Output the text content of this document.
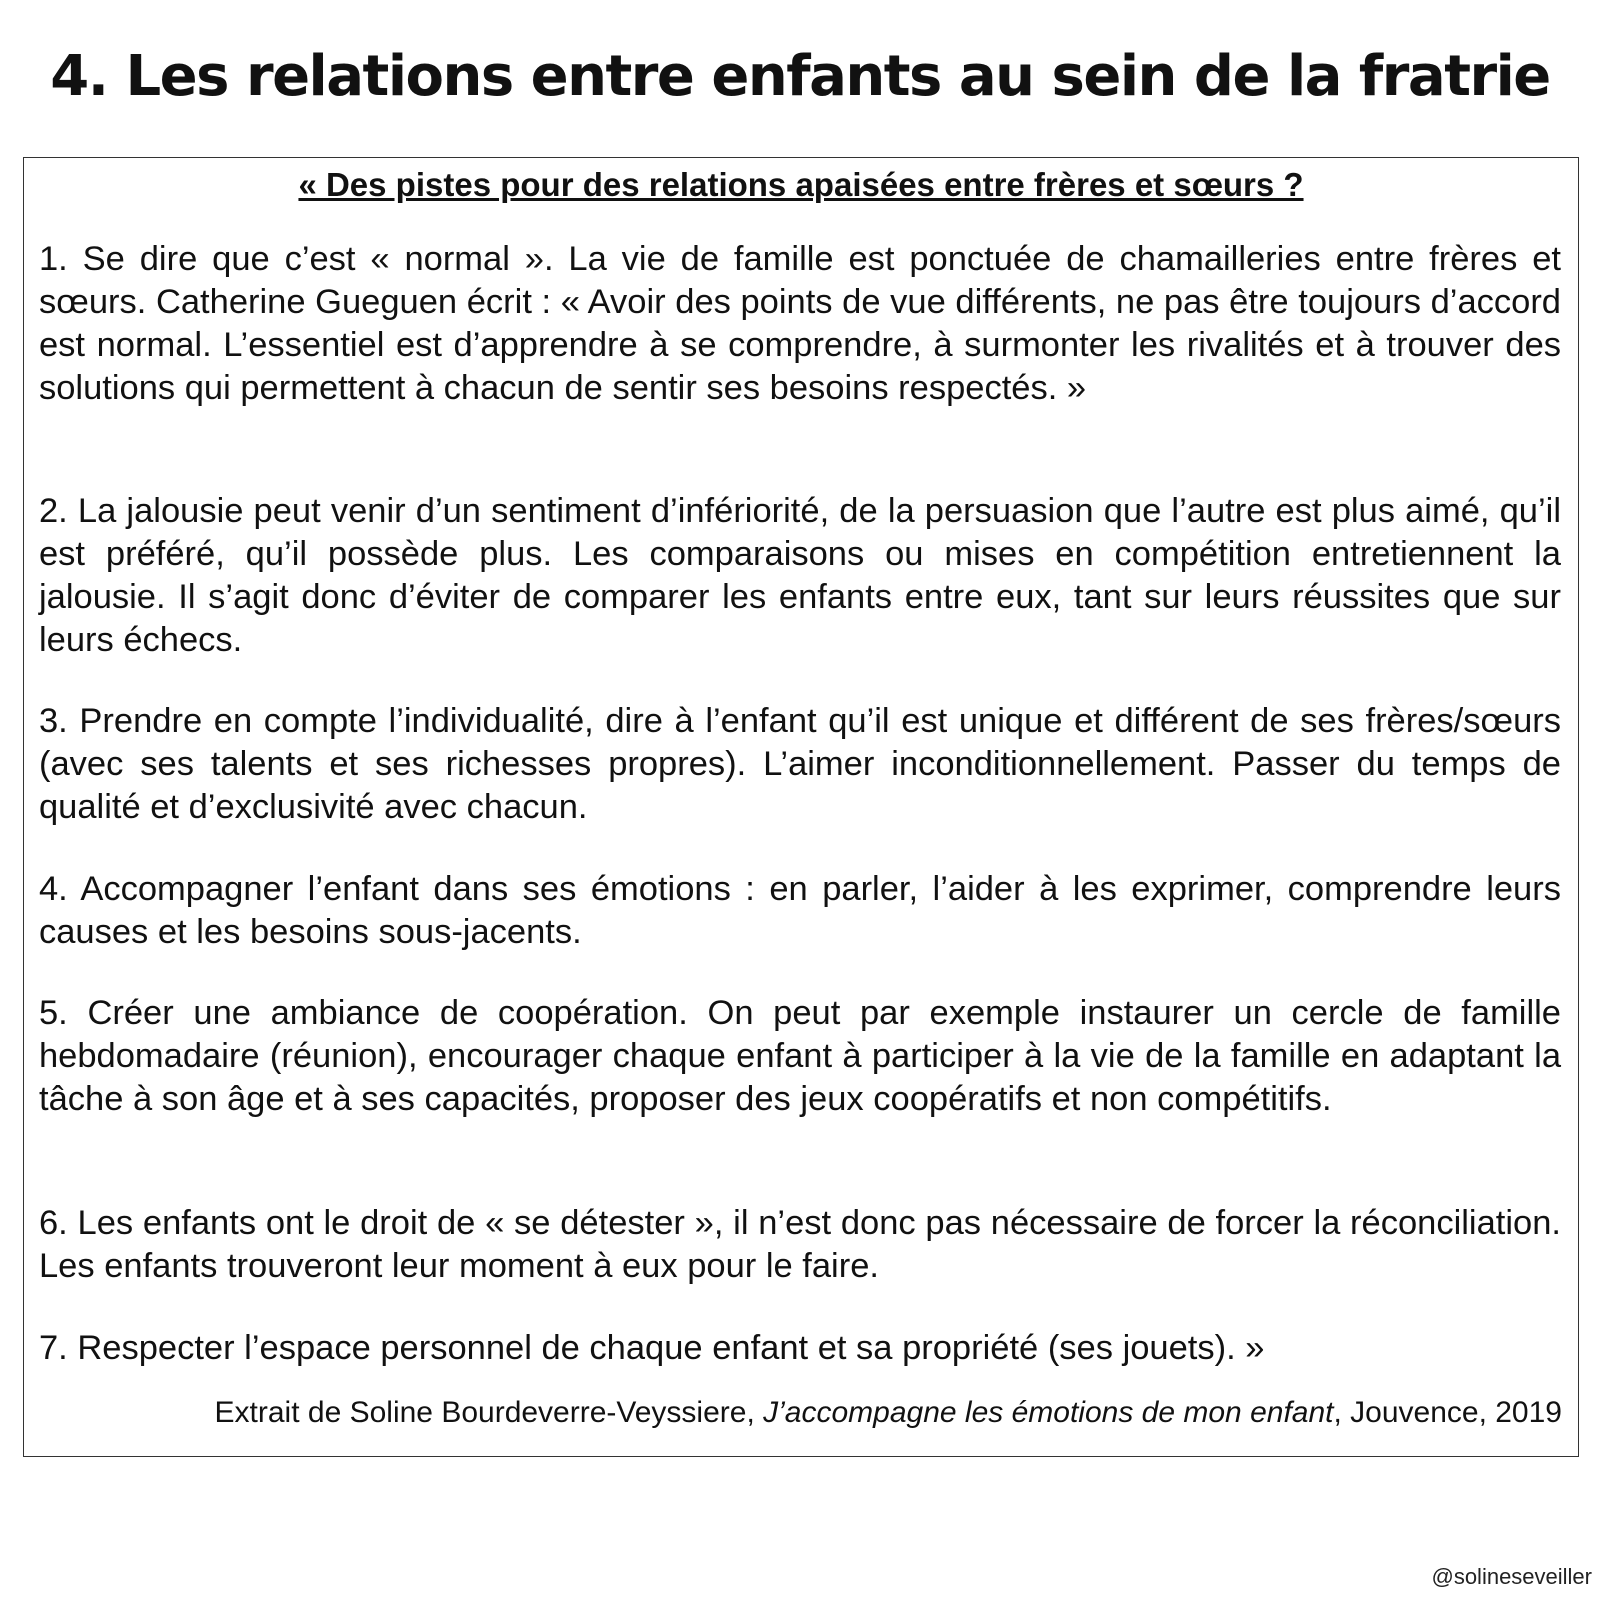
4. Les relations entre enfants au sein de la fratrie

« Des pistes pour des relations apaisées entre frères et sœurs ?

1. Se dire que c’est « normal ». La vie de famille est ponctuée de chamailleries entre frères et sœurs. Catherine Gueguen écrit : « Avoir des points de vue différents, ne pas être toujours d’accord est normal. L’essentiel est d’apprendre à se comprendre, à surmonter les rivalités et à trouver des solutions qui permettent à chacun de sentir ses besoins respectés. »

2. La jalousie peut venir d’un sentiment d’infériorité, de la persuasion que l’autre est plus aimé, qu’il est préféré, qu’il possède plus. Les comparaisons ou mises en compétition entretiennent la jalousie. Il s’agit donc d’éviter de comparer les enfants entre eux, tant sur leurs réussites que sur leurs échecs.

3. Prendre en compte l’individualité, dire à l’enfant qu’il est unique et différent de ses frères/sœurs (avec ses talents et ses richesses propres). L’aimer inconditionnellement. Passer du temps de qualité et d’exclusivité avec chacun.

4. Accompagner l’enfant dans ses émotions : en parler, l’aider à les exprimer, comprendre leurs causes et les besoins sous-jacents.

5. Créer une ambiance de coopération. On peut par exemple instaurer un cercle de famille hebdomadaire (réunion), encourager chaque enfant à participer à la vie de la famille en adaptant la tâche à son âge et à ses capacités, proposer des jeux coopératifs et non compétitifs.

6. Les enfants ont le droit de « se détester », il n’est donc pas nécessaire de forcer la réconciliation. Les enfants trouveront leur moment à eux pour le faire.

7. Respecter l’espace personnel de chaque enfant et sa propriété (ses jouets). »

Extrait de Soline Bourdeverre-Veyssiere, J’accompagne les émotions de mon enfant, Jouvence, 2019

@solineseveiller
